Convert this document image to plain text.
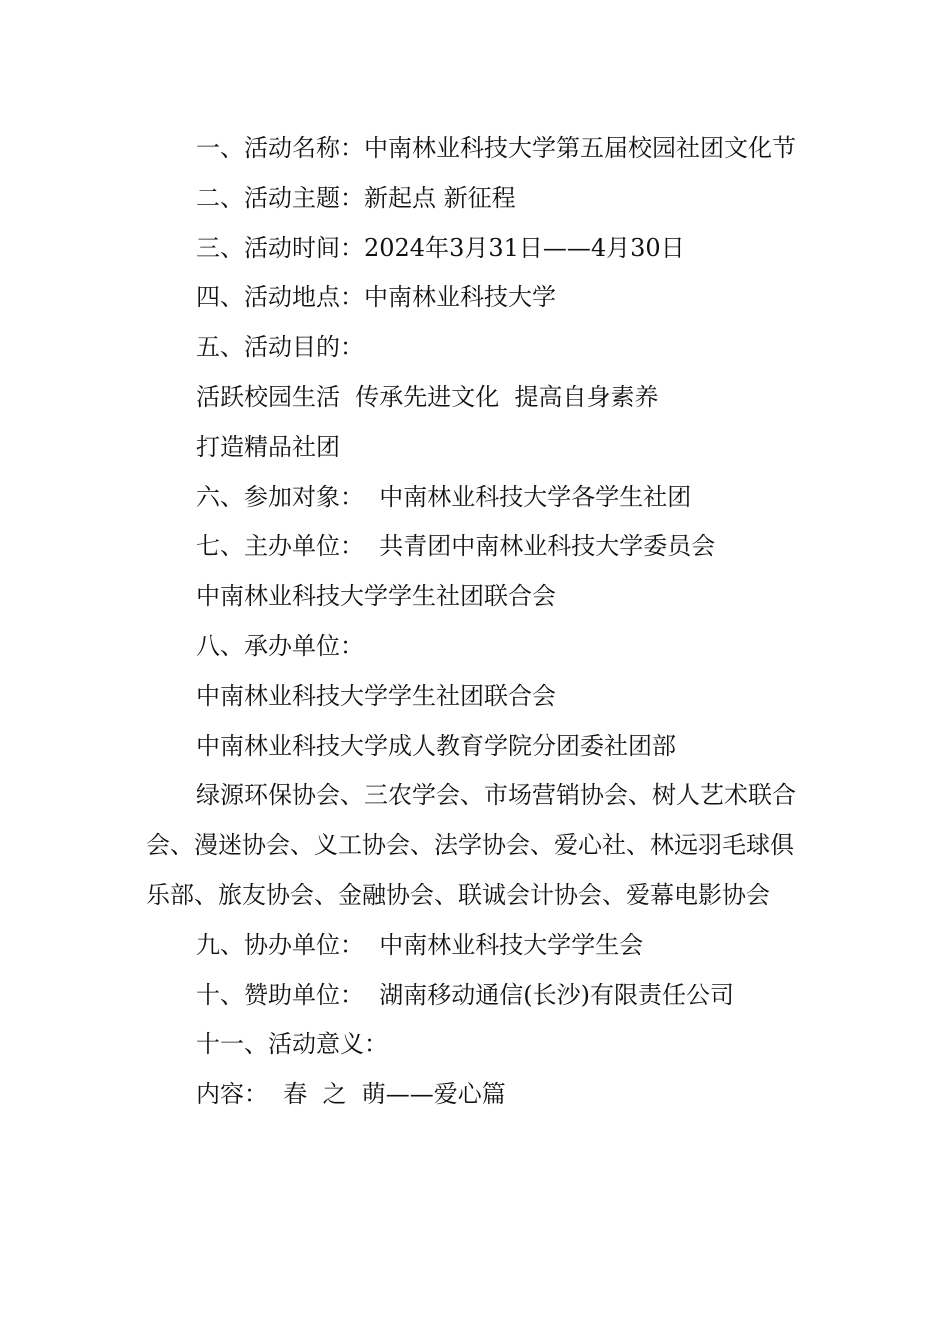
一、活动名称：中南林业科技大学第五届校园社团文化节

二、活动主题：新起点 新征程

三、活动时间：2024年3月31日——4月30日

四、活动地点：中南林业科技大学

五、活动目的：

活跃校园生活  传承先进文化  提高自身素养

打造精品社团

六、参加对象：  中南林业科技大学各学生社团

七、主办单位：  共青团中南林业科技大学委员会

中南林业科技大学学生社团联合会

八、承办单位：

中南林业科技大学学生社团联合会

中南林业科技大学成人教育学院分团委社团部

绿源环保协会、三农学会、市场营销协会、树人艺术联合会、漫迷协会、义工协会、法学协会、爱心社、林远羽毛球俱乐部、旅友协会、金融协会、联诚会计协会、爱幕电影协会

九、协办单位：  中南林业科技大学学生会

十、赞助单位：  湖南移动通信(长沙)有限责任公司

十一、活动意义：

内容：  春  之  萌——爱心篇
